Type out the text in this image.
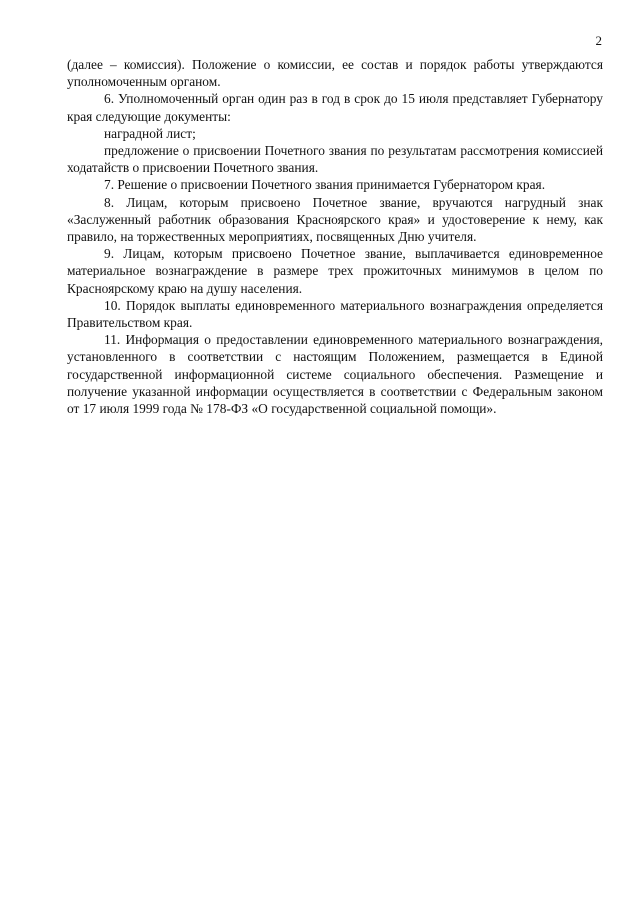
2

(далее – комиссия). Положение о комиссии, ее состав и порядок работы утверждаются уполномоченным органом.

6. Уполномоченный орган один раз в год в срок до 15 июля представляет Губернатору края следующие документы:

наградной лист;

предложение о присвоении Почетного звания по результатам рассмотрения комиссией ходатайств о присвоении Почетного звания.

7. Решение о присвоении Почетного звания принимается Губернатором края.

8. Лицам, которым присвоено Почетное звание, вручаются нагрудный знак «Заслуженный работник образования Красноярского края» и удостоверение к нему, как правило, на торжественных мероприятиях, посвященных Дню учителя.

9. Лицам, которым присвоено Почетное звание, выплачивается единовременное материальное вознаграждение в размере трех прожиточных минимумов в целом по Красноярскому краю на душу населения.

10. Порядок выплаты единовременного материального вознаграждения определяется Правительством края.

11. Информация о предоставлении единовременного материального вознаграждения, установленного в соответствии с настоящим Положением, размещается в Единой государственной информационной системе социального обеспечения. Размещение и получение указанной информации осуществляется в соответствии с Федеральным законом от 17 июля 1999 года № 178-ФЗ «О государственной социальной помощи».
